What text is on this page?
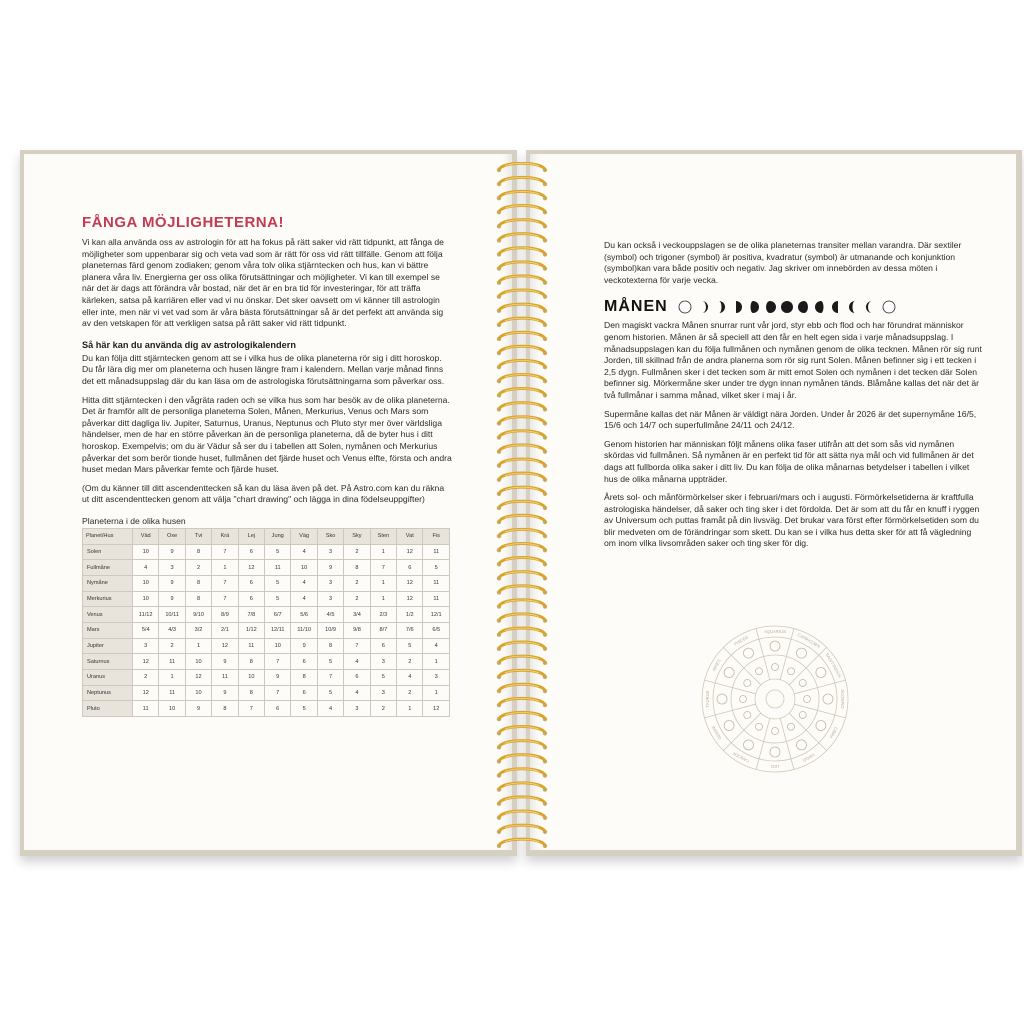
FÅNGA MÖJLIGHETERNA!

Vi kan alla använda oss av astrologin för att ha fokus på rätt saker vid rätt tidpunkt, att fånga de möjligheter som uppenbarar sig och veta vad som är rätt för oss vid rätt tillfälle. Genom att följa planeternas färd genom zodiaken; genom våra tolv olika stjärntecken och hus, kan vi bättre planera våra liv. Energierna ger oss olika förutsättningar och möjligheter. Vi kan till exempel se när det är dags att förändra vår bostad, när det är en bra tid för investeringar, för att träffa kärleken, satsa på karriären eller vad vi nu önskar. Det sker oavsett om vi känner till astrologin eller inte, men när vi vet vad som är våra bästa förutsättningar så är det perfekt att använda sig av den vetskapen för att verkligen satsa på rätt saker vid rätt tidpunkt.

Så här kan du använda dig av astrologikalendern

Du kan följa ditt stjärntecken genom att se i vilka hus de olika planeterna rör sig i ditt horoskop. Du får lära dig mer om planeterna och husen längre fram i kalendern. Mellan varje månad finns det ett månadsuppslag där du kan läsa om de astrologiska förutsättningarna som påverkar oss.

Hitta ditt stjärntecken i den vågräta raden och se vilka hus som har besök av de olika planeterna. Det är framför allt de personliga planeterna Solen, Månen, Merkurius, Venus och Mars som påverkar ditt dagliga liv. Jupiter, Saturnus, Uranus, Neptunus och Pluto styr mer över världsliga händelser, men de har en större påverkan än de personliga planeterna, då de byter hus i ditt horoskop. Exempelvis; om du är Vädur så ser du i tabellen att Solen, nymånen och Merkurius påverkar det som berör tionde huset, fullmånen det fjärde huset och Venus elfte, första och andra huset medan Mars påverkar femte och fjärde huset.

(Om du känner till ditt ascendenttecken så kan du läsa även på det. På Astro.com kan du räkna ut ditt ascendenttecken genom att välja "chart drawing" och lägga in dina födelseuppgifter)

Planeterna i de olika husen
Planet/Hus	Väd	Oxe	Tvi	Krä	Lej	Jung	Väg	Sko	Sky	Sten	Vat	Fis
Solen	10	9	8	7	6	5	4	3	2	1	12	11
Fullmåne	4	3	2	1	12	11	10	9	8	7	6	5
Nymåne	10	9	8	7	6	5	4	3	2	1	12	11
Merkurius	10	9	8	7	6	5	4	3	2	1	12	11
Venus	11/12	10/11	9/10	8/9	7/8	6/7	5/6	4/5	3/4	2/3	1/2	12/1
Mars	5/4	4/3	3/2	2/1	1/12	12/11	11/10	10/9	9/8	8/7	7/6	6/5
Jupiter	3	2	1	12	11	10	9	8	7	6	5	4
Saturnus	12	11	10	9	8	7	6	5	4	3	2	1
Uranus	2	1	12	11	10	9	8	7	6	5	4	3
Neptunus	12	11	10	9	8	7	6	5	4	3	2	1
Pluto	11	10	9	8	7	6	5	4	3	2	1	12

Du kan också i veckouppslagen se de olika planeternas transiter mellan varandra. Där sextiler (symbol) och trigoner (symbol) är positiva, kvadratur (symbol) är utmanande och konjunktion (symbol)kan vara både positiv och negativ. Jag skriver om innebörden av dessa möten i veckotexterna för varje vecka.

MÅNEN

Den magiskt vackra Månen snurrar runt vår jord, styr ebb och flod och har förundrat människor genom historien. Månen är så speciell att den får en helt egen sida i varje månadsuppslag. I månadsuppslagen kan du följa fullmånen och nymånen genom de olika tecknen. Månen rör sig runt Jorden, till skillnad från de andra planerna som rör sig runt Solen. Månen befinner sig i ett tecken i 2,5 dygn. Fullmånen sker i det tecken som är mitt emot Solen och nymånen i det tecken där Solen befinner sig. Mörkermåne sker under tre dygn innan nymånen tänds. Blåmåne kallas det när det är två fullmånar i samma månad, vilket sker i maj i år.

Supermåne kallas det när Månen är väldigt nära Jorden. Under år 2026 är det supernymåne 16/5, 15/6 och 14/7 och superfullmåne 24/11 och 24/12.

Genom historien har människan följt månens olika faser utifrån att det som sås vid nymånen skördas vid fullmånen. Så nymånen är en perfekt tid för att sätta nya mål och vid fullmånen är det dags att fullborda olika saker i ditt liv. Du kan följa de olika månarnas betydelser i tabellen i vilket hus de olika månarna uppträder.

Årets sol- och månförmörkelser sker i februari/mars och i augusti. Förmörkelsetiderna är kraftfulla astrologiska händelser, då saker och ting sker i det fördolda. Det är som att du får en knuff i ryggen av Universum och puttas framåt på din livsväg. Det brukar vara först efter förmörkelsetiden som du blir medveten om de förändringar som skett. Du kan se i vilka hus detta sker för att få vägledning om inom vilka livsområden saker och ting sker för dig.

CAPRICORN
SAGITTARIUS
SCORPIO
LIBRA
VIRGO
LEO
CANCER
GEMINI
TAURUS
ARIES
PISCES
AQUARIUS
